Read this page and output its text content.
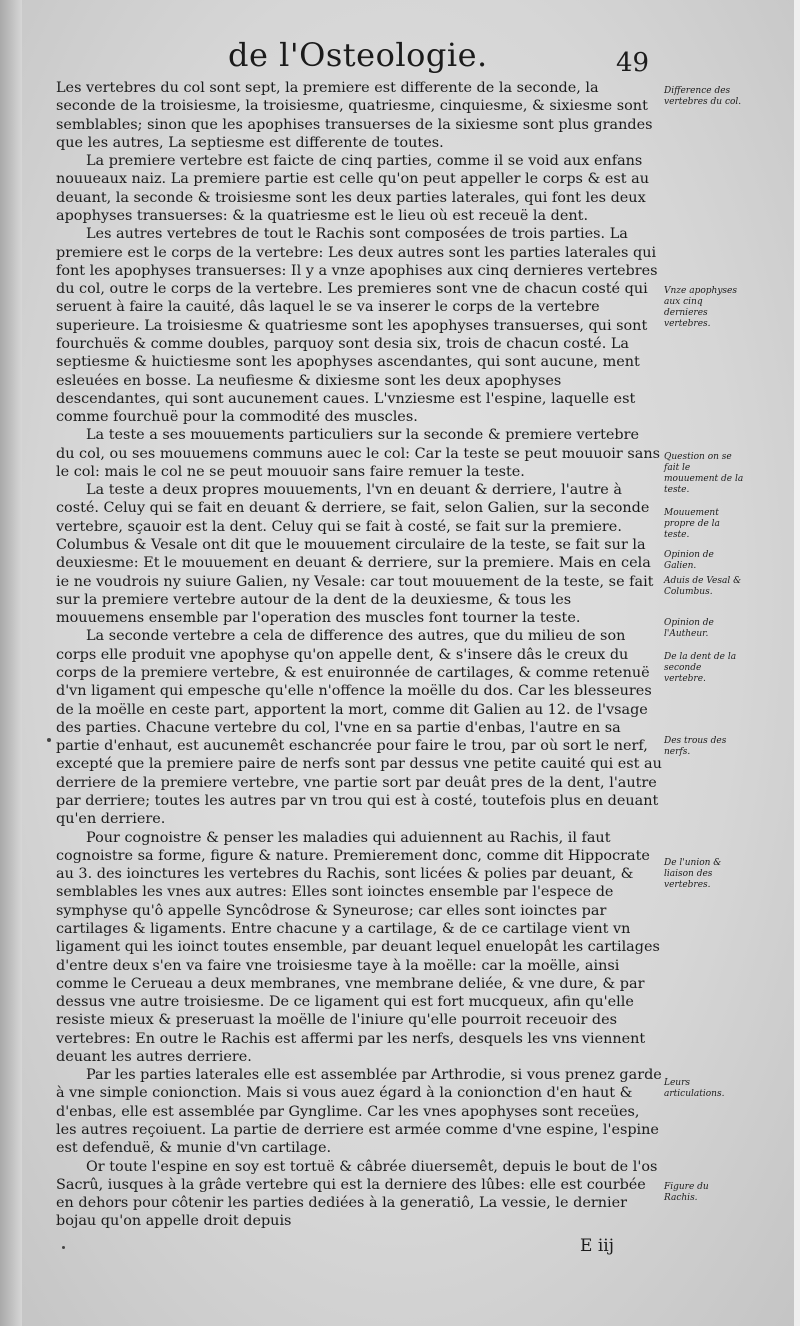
de l'Osteologie.	49

Les vertebres du col sont sept, la premiere est differente de la seconde, la seconde de la troisiesme, la troisiesme, quatriesme, cinquiesme, & sixiesme sont semblables; sinon que les apophises transuerses de la sixiesme sont plus grandes que les autres, La septiesme est differente de toutes.

La premiere vertebre est faicte de cinq parties, comme il se void aux enfans nouueaux naiz. La premiere partie est celle qu'on peut appeller le corps & est au deuant, la seconde & troisiesme sont les deux parties laterales, qui font les deux apophyses transuerses: & la quatriesme est le lieu où est receuë la dent.

Les autres vertebres de tout le Rachis sont composées de trois parties. La premiere est le corps de la vertebre: Les deux autres sont les parties laterales qui font les apophyses transuerses: Il y a vnze apophises aux cinq dernieres vertebres du col, outre le corps de la vertebre. Les premieres sont vne de chacun costé qui seruent à faire la cauité, dâs laquel le se va inserer le corps de la vertebre superieure. La troisiesme & quatriesme sont les apophyses transuerses, qui sont fourchuës & comme doubles, parquoy sont desia six, trois de chacun costé. La septiesme & huictiesme sont les apophyses ascendantes, qui sont aucune, ment esleuées en bosse. La neufiesme & dixiesme sont les deux apophyses descendantes, qui sont aucunement caues. L'vnziesme est l'espine, laquelle est comme fourchuë pour la commodité des muscles.

La teste a ses mouuements particuliers sur la seconde & premiere vertebre du col, ou ses mouuemens communs auec le col: Car la teste se peut mouuoir sans le col: mais le col ne se peut mouuoir sans faire remuer la teste.

La teste a deux propres mouuements, l'vn en deuant & derriere, l'autre à costé. Celuy qui se fait en deuant & derriere, se fait, selon Galien, sur la seconde vertebre, sçauoir est la dent. Celuy qui se fait à costé, se fait sur la premiere. Columbus & Vesale ont dit que le mouuement circulaire de la teste, se fait sur la deuxiesme: Et le mouuement en deuant & derriere, sur la premiere. Mais en cela ie ne voudrois ny suiure Galien, ny Vesale: car tout mouuement de la teste, se fait sur la premiere vertebre autour de la dent de la deuxiesme, & tous les mouuemens ensemble par l'operation des muscles font tourner la teste.

La seconde vertebre a cela de difference des autres, que du milieu de son corps elle produit vne apophyse qu'on appelle dent, & s'insere dâs le creux du corps de la premiere vertebre, & est enuironnée de cartilages, & comme retenuë d'vn ligament qui empesche qu'elle n'offence la moëlle du dos. Car les blesseures de la moëlle en ceste part, apportent la mort, comme dit Galien au 12. de l'vsage des parties. Chacune vertebre du col, l'vne en sa partie d'enbas, l'autre en sa partie d'enhaut, est aucunemêt eschancrée pour faire le trou, par où sort le nerf, excepté que la premiere paire de nerfs sont par dessus vne petite cauité qui est au derriere de la premiere vertebre, vne partie sort par deuât pres de la dent, l'autre par derriere; toutes les autres par vn trou qui est à costé, toutefois plus en deuant qu'en derriere.

Pour cognoistre & penser les maladies qui aduiennent au Rachis, il faut cognoistre sa forme, figure & nature. Premierement donc, comme dit Hippocrate au 3. des ioinctures les vertebres du Rachis, sont licées & polies par deuant, & semblables les vnes aux autres: Elles sont ioinctes ensemble par l'espece de symphyse qu'ô appelle Syncôdrose & Syneurose; car elles sont ioinctes par cartilages & ligaments. Entre chacune y a cartilage, & de ce cartilage vient vn ligament qui les ioinct toutes ensemble, par deuant lequel enuelopât les cartilages d'entre deux s'en va faire vne troisiesme taye à la moëlle: car la moëlle, ainsi comme le Cerueau a deux membranes, vne membrane deliée, & vne dure, & par dessus vne autre troisiesme. De ce ligament qui est fort mucqueux, afin qu'elle resiste mieux & preseruast la moëlle de l'iniure qu'elle pourroit receuoir des vertebres: En outre le Rachis est affermi par les nerfs, desquels les vns viennent deuant les autres derriere.

Par les parties laterales elle est assemblée par Arthrodie, si vous prenez garde à vne simple conionction. Mais si vous auez égard à la conionction d'en haut & d'enbas, elle est assemblée par Gynglime. Car les vnes apophyses sont receües, les autres reçoiuent. La partie de derriere est armée comme d'vne espine, l'espine est defenduë, & munie d'vn cartilage.

Or toute l'espine en soy est tortuë & câbrée diuersemêt, depuis le bout de l'os Sacrû, iusques à la grâde vertebre qui est la derniere des lûbes: elle est courbée en dehors pour côtenir les parties dediées à la generatiô, La vessie, le dernier bojau qu'on appelle droit depuis

Difference des vertebres du col.
Vnze apophyses aux cinq dernieres vertebres.
Question on se fait le mouuement de la teste.
Mouuement propre de la teste.
Opinion de Galien.
Aduis de Vesal & Columbus.
Opinion de l'Autheur.
De la dent de la seconde vertebre.
Des trous des nerfs.
De l'union & liaison des vertebres.
Leurs articulations.
Figure du Rachis.
E iij
